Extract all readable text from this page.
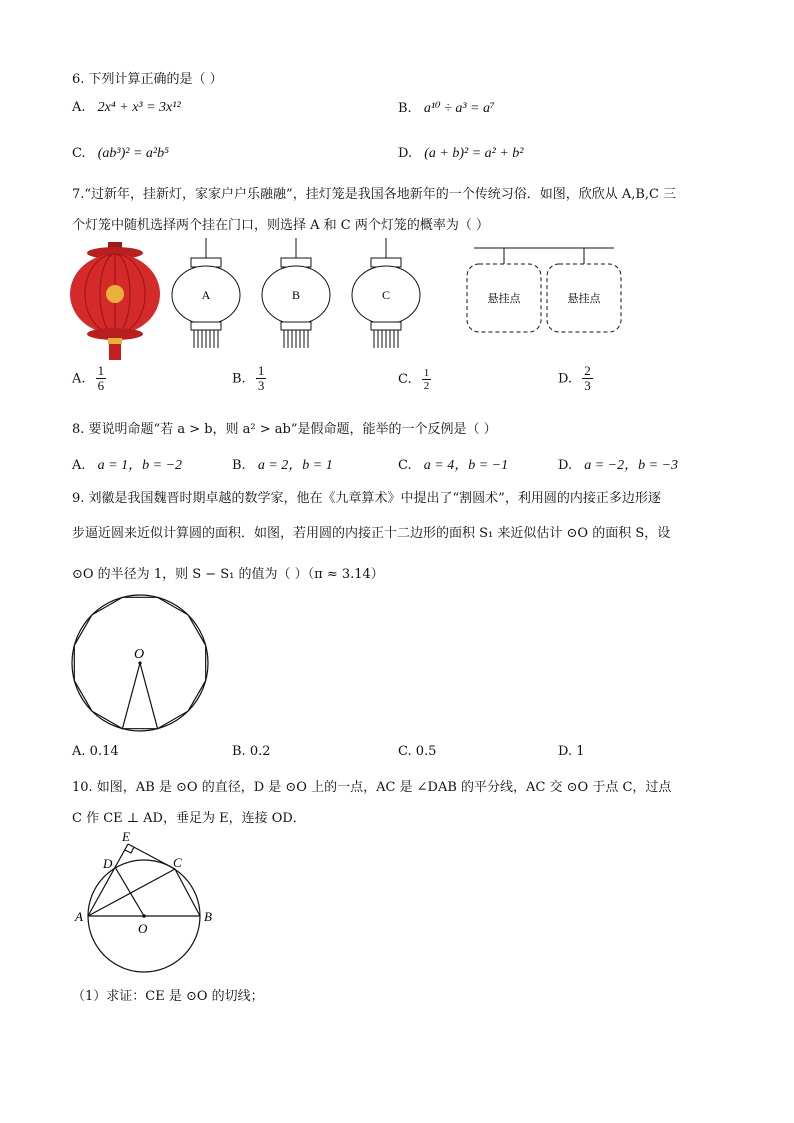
6. 下列计算正确的是（ ）
A. 2x⁴ + x³ = 3x¹²	B. a¹⁰ ÷ a³ = a⁷
C. (ab³)² = a²b⁵	D. (a + b)² = a² + b²
7.“过新年，挂新灯，家家户户乐融融”，挂灯笼是我国各地新年的一个传统习俗．如图，欣欣从 A,B,C 三
个灯笼中随机选择两个挂在门口，则选择 A 和 C 两个灯笼的概率为（ ）
A	B	C	悬挂点	悬挂点
A. $\frac{1}{6}$	B. $\frac{1}{3}$	C. $\frac{1}{2}$	D. $\frac{2}{3}$
8. 要说明命题“若 a > b，则 a² > ab”是假命题，能举的一个反例是（ ）
A. a = 1，b = −2	B. a = 2，b = 1	C. a = 4，b = −1	D. a = −2，b = −3
9. 刘徽是我国魏晋时期卓越的数学家，他在《九章算术》中提出了“割圆术”，利用圆的内接正多边形逐
步逼近圆来近似计算圆的面积．如图，若用圆的内接正十二边形的面积 S₁ 来近似估计 ⊙O 的面积 S，设
⊙O 的半径为 1，则 S − S₁ 的值为（ ）（π ≈ 3.14）
O
A. 0.14	B. 0.2	C. 0.5	D. 1
10. 如图，AB 是 ⊙O 的直径，D 是 ⊙O 上的一点，AC 是 ∠DAB 的平分线，AC 交 ⊙O 于点 C，过点
C 作 CE ⊥ AD，垂足为 E，连接 OD．
E
D	C
A	B
O
（1）求证：CE 是 ⊙O 的切线；
